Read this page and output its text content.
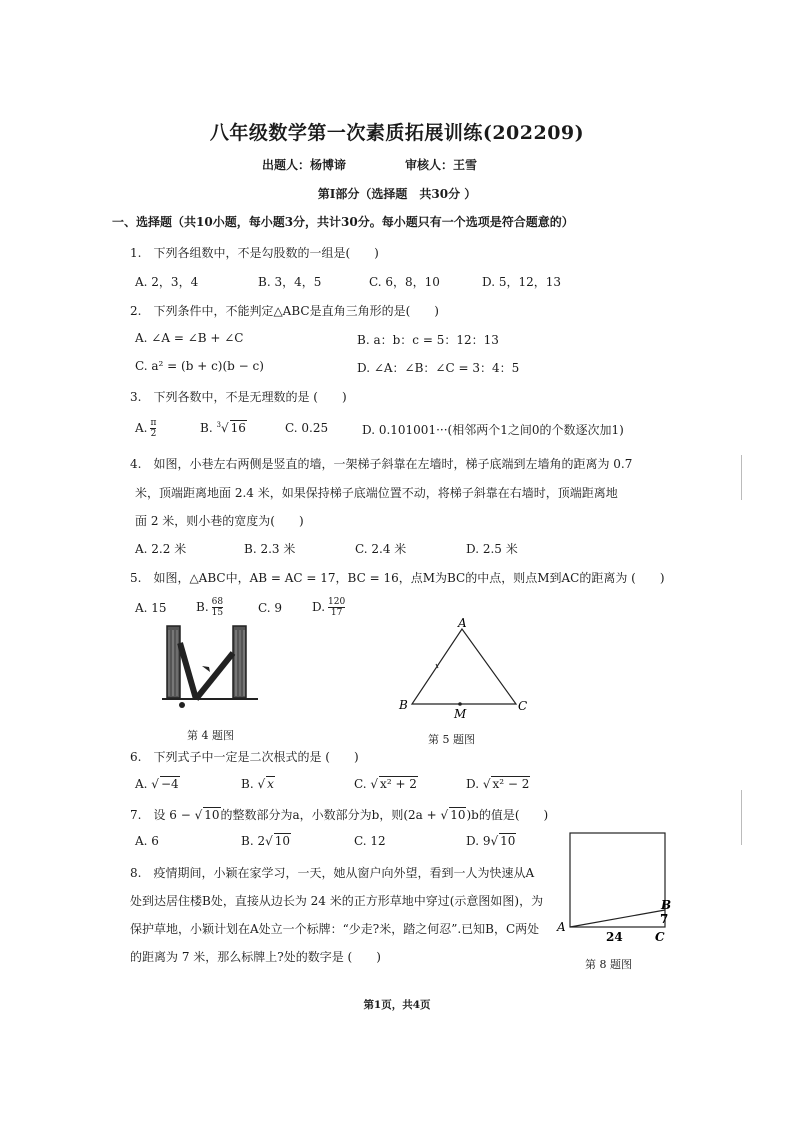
八年级数学第一次素质拓展训练(202209)
出题人：杨博谛	审核人：王雪
第Ⅰ部分（选择题　共30分 ）
一、选择题（共10小题，每小题3分，共计30分。每小题只有一个选项是符合题意的）
1.　下列各组数中，不是勾股数的一组是(　　)
A. 2，3，4	B. 3，4，5	C. 6，8，10	D. 5，12，13
2.　下列条件中，不能判定△ABC是直角三角形的是(　　)
A. ∠A = ∠B + ∠C	B. a：b：c = 5：12：13
C. a² = (b + c)(b − c)	D. ∠A：∠B：∠C = 3：4：5
3.　下列各数中，不是无理数的是 (　　)
A. $\frac{\pi}{2}$	B. $^3$√ 16	C. 0.25	D. 0.101001···(相邻两个1之间0的个数逐次加1)
4.　如图，小巷左右两侧是竖直的墙，一架梯子斜靠在左墙时，梯子底端到左墙角的距离为 0.7
米，顶端距离地面 2.4 米，如果保持梯子底端位置不动，将梯子斜靠在右墙时，顶端距离地
面 2 米，则小巷的宽度为(　　)
A. 2.2 米	B. 2.3 米	C. 2.4 米	D. 2.5 米
5.　如图，△ABC中，AB = AC = 17，BC = 16，点M为BC的中点，则点M到AC的距离为 (　　)
A. 15 B. $\frac{68}{15}$	C. 9 D. $\frac{120}{17}$
第 4 题图
A
B	C
M
第 5 题图
6.　下列式子中一定是二次根式的是 (　　)
A. √ −4	B. √ x	C. √ x² + 2	D. √ x² − 2
7.　设 6 − √ 10的整数部分为a，小数部分为b，则(2a + √ 10)b的值是(　　)
A. 6	B. 2√ 10	C. 12	D. 9√ 10
8.　疫情期间，小颖在家学习，一天，她从窗户向外望，看到一人为快速从A
处到达居住楼B处，直接从边长为 24 米的正方形草地中穿过(示意图如图)，为
保护草地，小颖计划在A处立一个标牌：“少走?米，踏之何忍”.已知B，C两处
的距离为 7 米，那么标牌上?处的数字是 (　　)
A
B
C
24
7
第 8 题图
第1页，共4页
